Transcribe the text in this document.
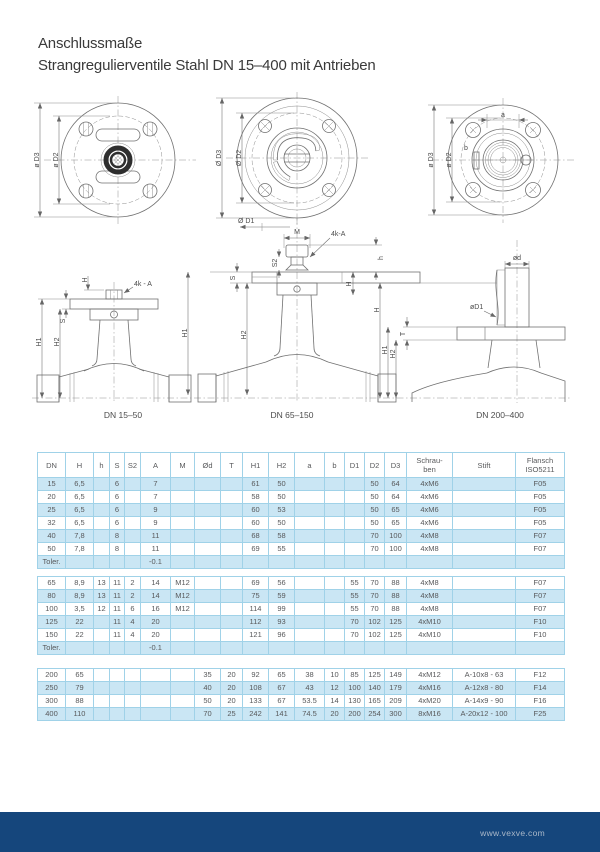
Anschlussmaße
Strangregulierventile Stahl DN 15–400 mit Antrieben
ø D3 ø D2	Ø D3 Ø D2
a
b
ø D3 ø D2
H
4k - A
S
H1 H2
DN 15–50
Ø D1
M	4k-A
S2
S
h
H
H1	H2
DN 65–150
ød
øD1
T
H
H1 H2
DN 200–400
DN	H	h	S	S2	A	M	Ød	T	H1	H2	a	b	D1	D2	D3	Schrau-
ben	Stift	Flansch
ISO5211
15	6,5		6		7				61	50				50	64	4xM6		F05
20	6,5		6		7				58	50				50	64	4xM6		F05
25	6,5		6		9				60	53				50	65	4xM6		F05
32	6,5		6		9				60	50				50	65	4xM6		F05
40	7,8		8		11				68	58				70	100	4xM8		F07
50	7,8		8		11				69	55				70	100	4xM8		F07
Toler.					-0.1													
65	8,9	13	11	2	14	M12			69	56			55	70	88	4xM8		F07
80	8,9	13	11	2	14	M12			75	59			55	70	88	4xM8		F07
100	3,5	12	11	6	16	M12			114	99			55	70	88	4xM8		F07
125	22		11	4	20				112	93			70	102	125	4xM10		F10
150	22		11	4	20				121	96			70	102	125	4xM10		F10
Toler.					-0.1													
200	65						35	20	92	65	38	10	85	125	149	4xM12	A-10x8 - 63	F12
250	79						40	20	108	67	43	12	100	140	179	4xM16	A-12x8 - 80	F14
300	88						50	20	133	67	53.5	14	130	165	209	4xM20	A-14x9 - 90	F16
400	110						70	25	242	141	74.5	20	200	254	300	8xM16	A-20x12 - 100	F25
www.vexve.com
